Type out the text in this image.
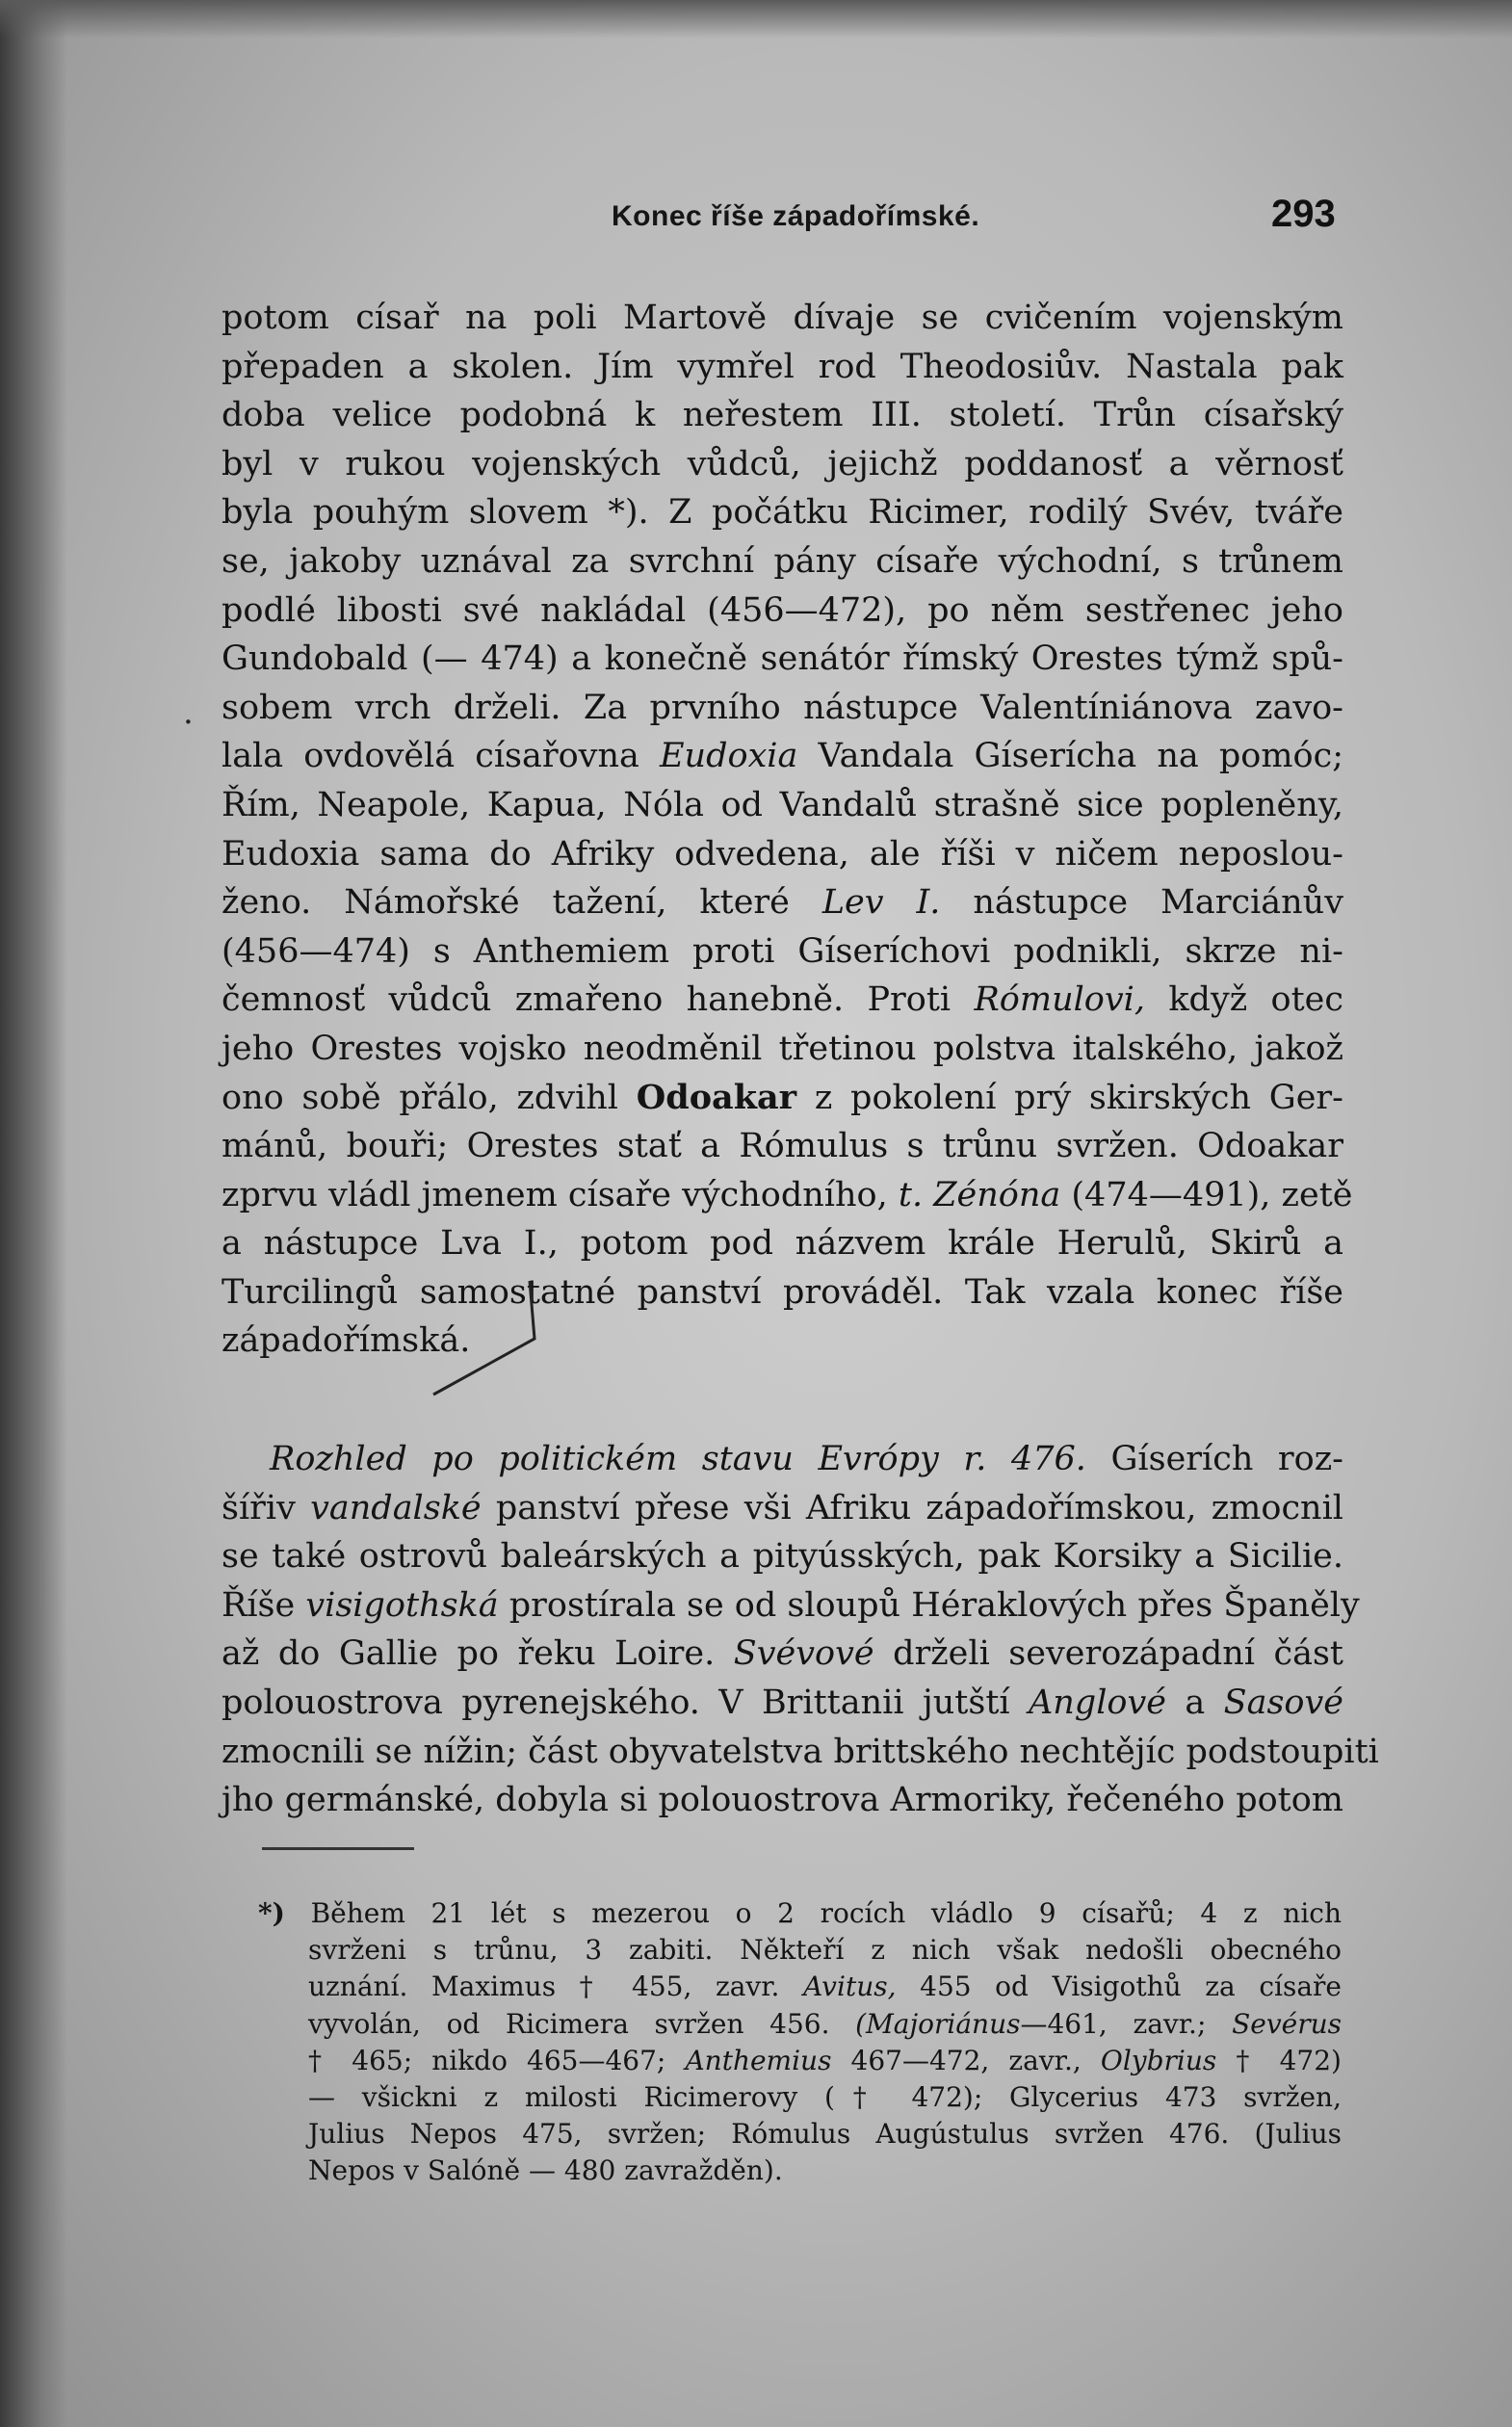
Konec říše západořímské.	293
.
potom císař na poli Martově dívaje se cvičením vojenským
přepaden a skolen. Jím vymřel rod Theodosiův. Nastala pak
doba velice podobná k neřestem III. století. Trůn císařský
byl v rukou vojenských vůdců, jejichž poddanosť a věrnosť
byla pouhým slovem *). Z počátku Ricimer, rodilý Svév, tváře
se, jakoby uznával za svrchní pány císaře východní, s trůnem
podlé libosti své nakládal (456—472), po něm sestřenec jeho
Gundobald (— 474) a konečně senátór římský Orestes týmž spů-
sobem vrch drželi. Za prvního nástupce Valentíniánova zavo-
lala ovdovělá císařovna Eudoxia Vandala Gíserícha na pomóc;
Řím, Neapole, Kapua, Nóla od Vandalů strašně sice popleněny,
Eudoxia sama do Afriky odvedena, ale říši v ničem neposlou-
ženo. Námořské tažení, které Lev I. nástupce Marciánův
(456—474) s Anthemiem proti Gíseríchovi podnikli, skrze ni-
čemnosť vůdců zmařeno hanebně. Proti Rómulovi, když otec
jeho Orestes vojsko neodměnil třetinou polstva italského, jakož
ono sobě přálo, zdvihl Odoakar z pokolení prý skirských Ger-
mánů, bouři; Orestes stať a Rómulus s trůnu svržen. Odoakar
zprvu vládl jmenem císaře východního, t. Zénóna (474—491), zetě
a nástupce Lva I., potom pod názvem krále Herulů, Skirů a
Turcilingů samostatné panství prováděl. Tak vzala konec říše
západořímská.
Rozhled po politickém stavu Evrópy r. 476. Gíserích roz-
šířiv vandalské panství přese vši Afriku západořímskou, zmocnil
se také ostrovů baleárských a pityúsských, pak Korsiky a Sicilie.
Říše visigothská prostírala se od sloupů Héraklových přes Španěly
až do Gallie po řeku Loire. Svévové drželi severozápadní část
polouostrova pyrenejského. V Brittanii jutští Anglové a Sasové
zmocnili se nížin; část obyvatelstva brittského nechtějíc podstoupiti
jho germánské, dobyla si polouostrova Armoriky, řečeného potom
*) Během 21 lét s mezerou o 2 rocích vládlo 9 císařů; 4 z nich
svrženi s trůnu, 3 zabiti. Někteří z nich však nedošli obecného
uznání. Maximus † 455, zavr. Avitus, 455 od Visigothů za císaře
vyvolán, od Ricimera svržen 456. (Majoriánus—461, zavr.; Sevérus
† 465; nikdo 465—467; Anthemius 467—472, zavr., Olybrius † 472)
— všickni z milosti Ricimerovy († 472); Glycerius 473 svržen,
Julius Nepos 475, svržen; Rómulus Augústulus svržen 476. (Julius
Nepos v Salóně — 480 zavražděn).
